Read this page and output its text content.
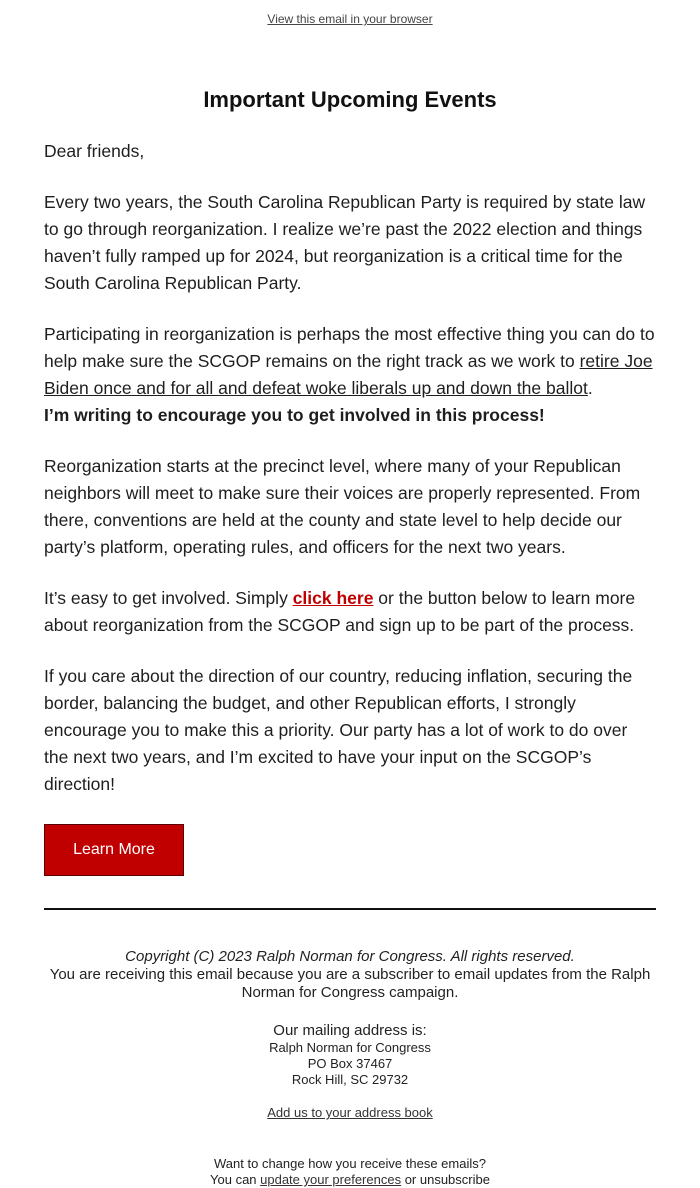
View this email in your browser
Important Upcoming Events

Dear friends,

Every two years, the South Carolina Republican Party is required by state law to go through reorganization. I realize we’re past the 2022 election and things haven’t fully ramped up for 2024, but reorganization is a critical time for the South Carolina Republican Party.

Participating in reorganization is perhaps the most effective thing you can do to help make sure the SCGOP remains on the right track as we work to retire Joe Biden once and for all and defeat woke liberals up and down the ballot.
I’m writing to encourage you to get involved in this process!

Reorganization starts at the precinct level, where many of your Republican neighbors will meet to make sure their voices are properly represented. From there, conventions are held at the county and state level to help decide our party’s platform, operating rules, and officers for the next two years.

It’s easy to get involved. Simply click here or the button below to learn more about reorganization from the SCGOP and sign up to be part of the process.

If you care about the direction of our country, reducing inflation, securing the border, balancing the budget, and other Republican efforts, I strongly encourage you to make this a priority. Our party has a lot of work to do over the next two years, and I’m excited to have your input on the SCGOP’s direction!

Learn More
Copyright (C) 2023 Ralph Norman for Congress. All rights reserved.
You are receiving this email because you are a subscriber to email updates from the Ralph Norman for Congress campaign.
Our mailing address is:
Ralph Norman for Congress
PO Box 37467
Rock Hill, SC 29732
Add us to your address book
Want to change how you receive these emails?
You can update your preferences or unsubscribe
